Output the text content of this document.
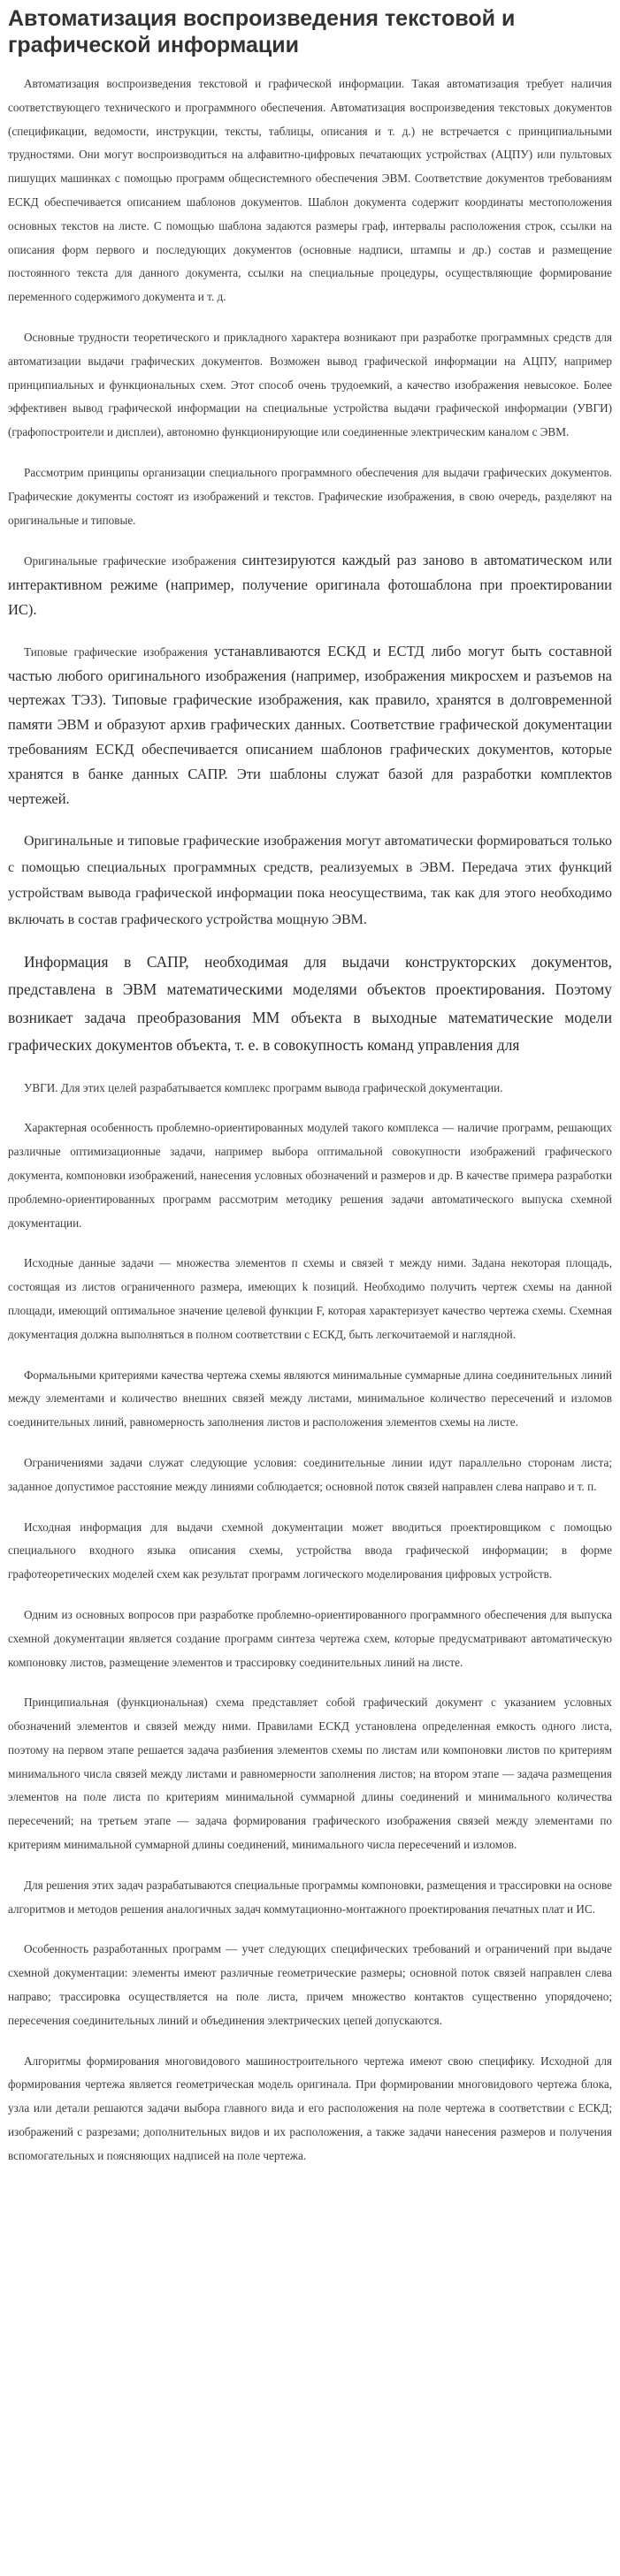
Автоматизация воспроизведения текстовой и графической информации

Автоматизация воспроизведения текстовой и графической информации. Такая автоматизация требует наличия соответствующего технического и программного обеспечения. Автоматизация воспроизведения текстовых документов (спецификации, ведомости, инструкции, тексты, таблицы, описания и т. д.) не встречается с принципиальными трудностями. Они могут воспроизводиться на алфавитно-цифровых печатающих устройствах (АЦПУ) или пультовых пишущих машинках с помощью программ общесистемного обеспечения ЭВМ. Соответствие документов требованиям ЕСКД обеспечивается описанием шаблонов документов. Шаблон документа содержит координаты местоположения основных текстов на листе. С помощью шаблона задаются размеры граф, интервалы расположения строк, ссылки на описания форм первого и последующих документов (основные надписи, штампы и др.) состав и размещение постоянного текста для данного документа, ссылки на специальные процедуры, осуществляющие формирование переменного содержимого документа и т. д.

Основные трудности теоретического и прикладного характера возникают при разработке программных средств для автоматизации выдачи графических документов. Возможен вывод графической информации на АЦПУ, например принципиальных и функциональных схем. Этот способ очень трудоемкий, а качество изображения невысокое. Более эффективен вывод графической информации на специальные устройства выдачи графической информации (УВГИ) (графопостроители и дисплеи), автономно функционирующие или соединенные электрическим каналом с ЭВМ.

Рассмотрим принципы организации специального программного обеспечения для выдачи графических документов. Графические документы состоят из изображений и текстов. Графические изображения, в свою очередь, разделяют на оригинальные и типовые.

Оригинальные графические изображения синтезируются каждый раз заново в автоматическом или интерактивном режиме (например, получение оригинала фотошаблона при проектировании ИС).

Типовые графические изображения устанавливаются ЕСКД и ЕСТД либо могут быть составной частью любого оригинального изображения (например, изображения микросхем и разъемов на чертежах ТЭЗ). Типовые графические изображения, как правило, хранятся в долговременной памяти ЭВМ и образуют архив графических данных. Соответствие графической документации требованиям ЕСКД обеспечивается описанием шаблонов графических документов, которые хранятся в банке данных САПР. Эти шаблоны служат базой для разработки комплектов чертежей.

Оригинальные и типовые графические изображения могут автоматически формироваться только с помощью специальных программных средств, реализуемых в ЭВМ. Передача этих функций устройствам вывода графической информации пока неосуществима, так как для этого необходимо включать в состав графического устройства мощную ЭВМ.

Информация в САПР, необходимая для выдачи конструкторских документов, представлена в ЭВМ математическими моделями объектов проектирования. Поэтому возникает задача преобразования ММ объекта в выходные математические модели графических документов объекта, т. е. в совокупность команд управления для

УВГИ. Для этих целей разрабатывается комплекс программ вывода графической документации.

Характерная особенность проблемно-ориентированных модулей такого комплекса — наличие программ, решающих различные оптимизационные задачи, например выбора оптимальной совокупности изображений графического документа, компоновки изображений, нанесения условных обозначений и размеров и др. В качестве примера разработки проблемно-ориентированных программ рассмотрим методику решения задачи автоматического выпуска схемной документации.

Исходные данные задачи — множества элементов п схемы и связей т между ними. Задана некоторая площадь, состоящая из листов ограниченного размера, имеющих k позиций. Необходимо получить чертеж схемы на данной площади, имеющий оптимальное значение целевой функции F, которая характеризует качество чертежа схемы. Схемная документация должна выполняться в полном соответствии с ЕСКД, быть легкочитаемой и наглядной.

Формальными критериями качества чертежа схемы являются минимальные суммарные длина соединительных линий между элементами и количество внешних связей между листами, минимальное количество пересечений и изломов соединительных линий, равномерность заполнения листов и расположения элементов схемы на листе.

Ограничениями задачи служат следующие условия: соединительные линии идут параллельно сторонам листа; заданное допустимое расстояние между линиями соблюдается; основной поток связей направлен слева направо и т. п.

Исходная информация для выдачи схемной документации может вводиться проектировщиком с помощью специального входного языка описания схемы, устройства ввода графической информации; в форме графотеоретических моделей схем как результат программ логического моделирования цифровых устройств.

Одним из основных вопросов при разработке проблемно-ориентированного программного обеспечения для выпуска схемной документации является создание программ синтеза чертежа схем, которые предусматривают автоматическую компоновку листов, размещение элементов и трассировку соединительных линий на листе.

Принципиальная (функциональная) схема представляет собой графический документ с указанием условных обозначений элементов и связей между ними. Правилами ЕСКД установлена определенная емкость одного листа, поэтому на первом этапе решается задача разбиения элементов схемы по листам или компоновки листов по критериям минимального числа связей между листами и равномерности заполнения листов; на втором этапе — задача размещения элементов на поле листа по критериям минимальной суммарной длины соединений и минимального количества пересечений; на третьем этапе — задача формирования графического изображения связей между элементами по критериям минимальной суммарной длины соединений, минимального числа пересечений и изломов.

Для решения этих задач разрабатываются специальные программы компоновки, размещения и трассировки на основе алгоритмов и методов решения аналогичных задач коммутационно-монтажного проектирования печатных плат и ИС.

Особенность разработанных программ — учет следующих специфических требований и ограничений при выдаче схемной документации: элементы имеют различные геометрические размеры; основной поток связей направлен слева направо; трассировка осуществляется на поле листа, причем множество контактов существенно упорядочено; пересечения соединительных линий и объединения электрических цепей допускаются.

Алгоритмы формирования многовидового машиностроительного чертежа имеют свою специфику. Исходной для формирования чертежа является геометрическая модель оригинала. При формировании многовидового чертежа блока, узла или детали решаются задачи выбора главного вида и его расположения на поле чертежа в соответствии с ЕСКД; изображений с разрезами; дополнительных видов и их расположения, а также задачи нанесения размеров и получения вспомогательных и поясняющих надписей на поле чертежа.
